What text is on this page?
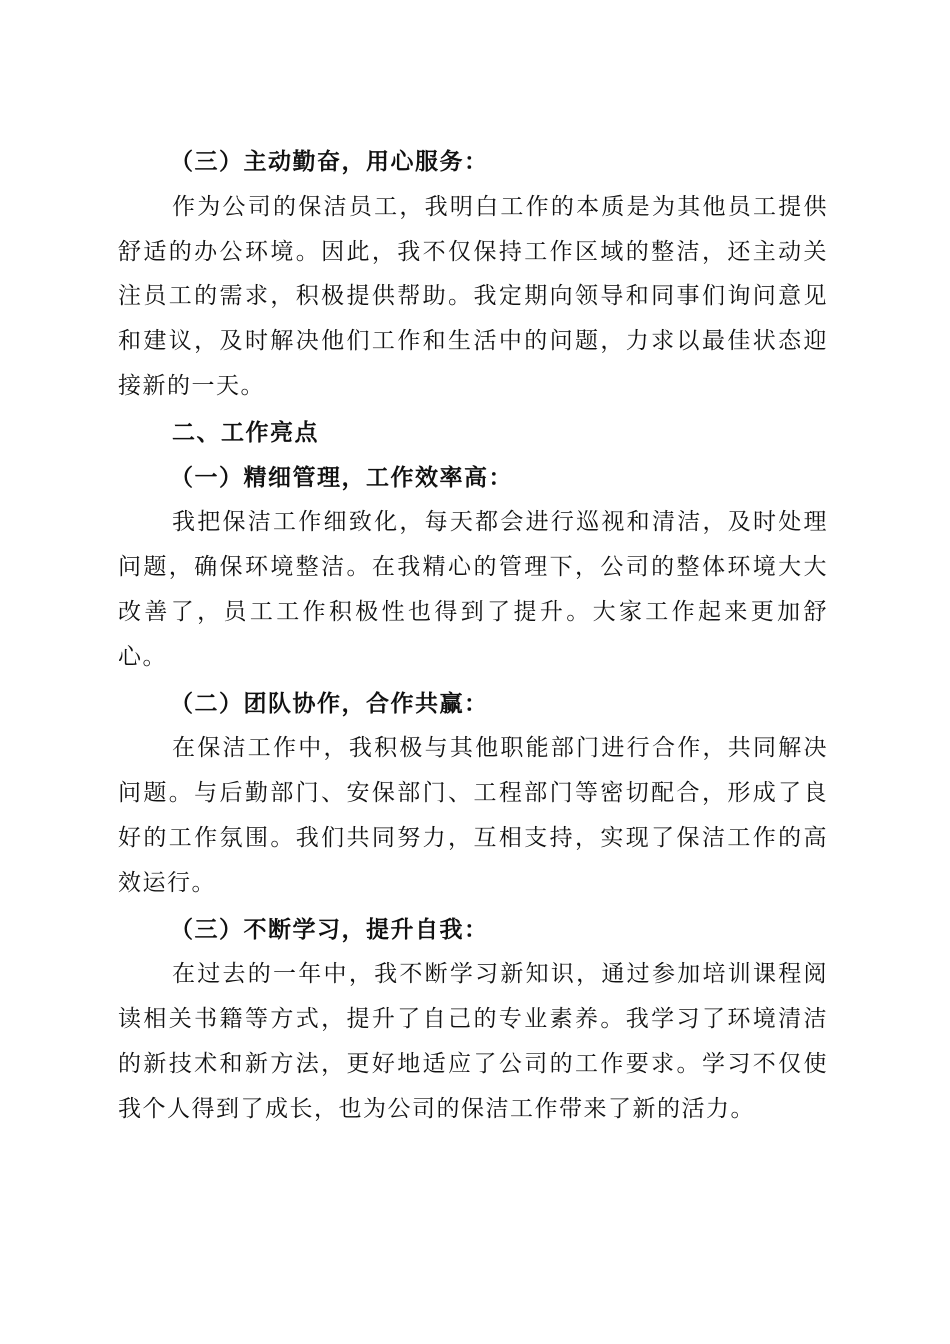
（三）主动勤奋，用心服务：

作为公司的保洁员工，我明白工作的本质是为其他员工提供舒适的办公环境。因此，我不仅保持工作区域的整洁，还主动关注员工的需求，积极提供帮助。我定期向领导和同事们询问意见和建议，及时解决他们工作和生活中的问题，力求以最佳状态迎接新的一天。

二、工作亮点

（一）精细管理，工作效率高：

我把保洁工作细致化，每天都会进行巡视和清洁，及时处理问题，确保环境整洁。在我精心的管理下，公司的整体环境大大改善了，员工工作积极性也得到了提升。大家工作起来更加舒心。

（二）团队协作，合作共赢：

在保洁工作中，我积极与其他职能部门进行合作，共同解决问题。与后勤部门、安保部门、工程部门等密切配合，形成了良好的工作氛围。我们共同努力，互相支持，实现了保洁工作的高效运行。

（三）不断学习，提升自我：

在过去的一年中，我不断学习新知识，通过参加培训课程阅读相关书籍等方式，提升了自己的专业素养。我学习了环境清洁的新技术和新方法，更好地适应了公司的工作要求。学习不仅使我个人得到了成长，也为公司的保洁工作带来了新的活力。
